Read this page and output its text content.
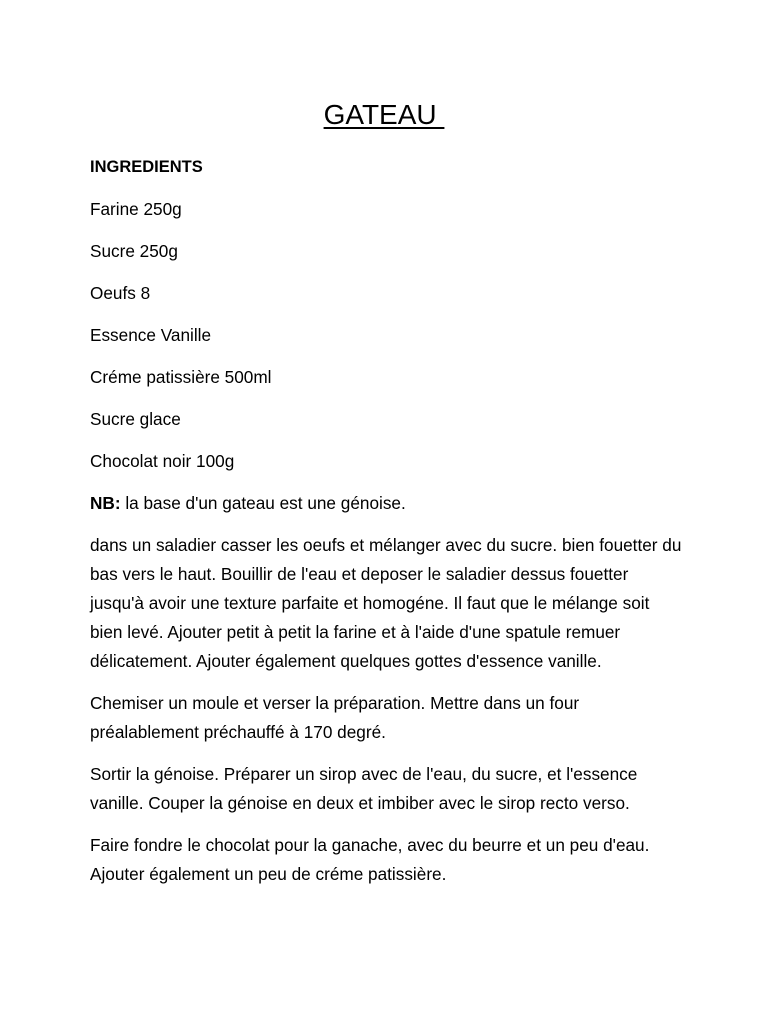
GATEAU
INGREDIENTS
Farine 250g
Sucre 250g
Oeufs 8
Essence Vanille
Créme patissière 500ml
Sucre glace
Chocolat noir 100g

NB: la base d'un gateau est une génoise.

dans un saladier casser les oeufs et mélanger avec du sucre. bien fouetter du bas vers le haut. Bouillir de l'eau et deposer le saladier dessus fouetter jusqu'à avoir une texture parfaite et homogéne. Il faut que le mélange soit bien levé. Ajouter petit à petit la farine et à l'aide d'une spatule remuer délicatement. Ajouter également quelques gottes d'essence vanille.

Chemiser un moule et verser la préparation. Mettre dans un four préalablement préchauffé à 170 degré.

Sortir la génoise. Préparer un sirop avec de l'eau, du sucre, et l'essence vanille. Couper la génoise en deux et imbiber avec le sirop recto verso.

Faire fondre le chocolat pour la ganache, avec du beurre et un peu d'eau. Ajouter également un peu de créme patissière.
